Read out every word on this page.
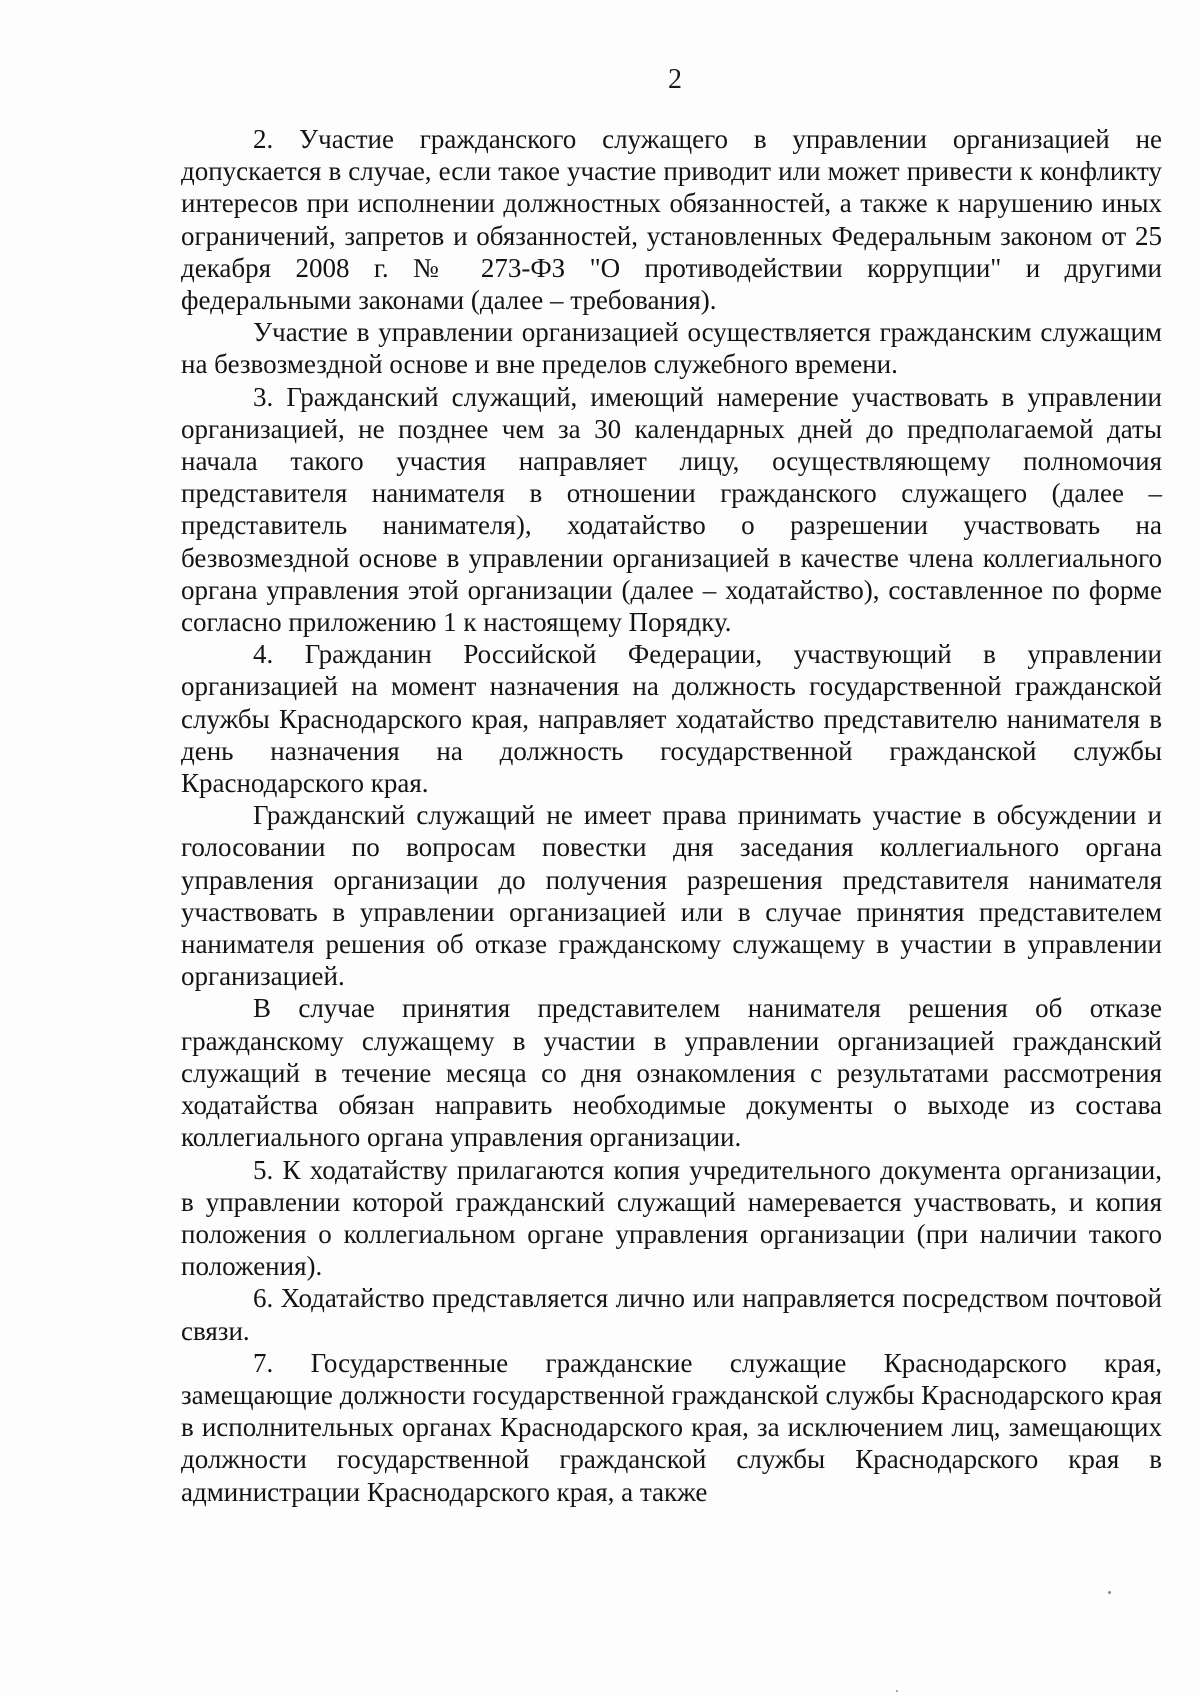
2

2. Участие гражданского служащего в управлении организацией не допускается в случае, если такое участие приводит или может привести к конфликту интересов при исполнении должностных обязанностей, а также к нарушению иных ограничений, запретов и обязанностей, установленных Федеральным законом от 25 декабря 2008 г. № 273-ФЗ "О противодействии коррупции" и другими федеральными законами (далее – требования).

Участие в управлении организацией осуществляется гражданским служащим на безвозмездной основе и вне пределов служебного времени.

3. Гражданский служащий, имеющий намерение участвовать в управлении организацией, не позднее чем за 30 календарных дней до предполагаемой даты начала такого участия направляет лицу, осуществляющему полномочия представителя нанимателя в отношении гражданского служащего (далее – представитель нанимателя), ходатайство о разрешении участвовать на безвозмездной основе в управлении организацией в качестве члена коллегиального органа управления этой организации (далее – ходатайство), составленное по форме согласно приложению 1 к настоящему Порядку.

4. Гражданин Российской Федерации, участвующий в управлении организацией на момент назначения на должность государственной гражданской службы Краснодарского края, направляет ходатайство представителю нанимателя в день назначения на должность государственной гражданской службы Краснодарского края.

Гражданский служащий не имеет права принимать участие в обсуждении и голосовании по вопросам повестки дня заседания коллегиального органа управления организации до получения разрешения представителя нанимателя участвовать в управлении организацией или в случае принятия представителем нанимателя решения об отказе гражданскому служащему в участии в управлении организацией.

В случае принятия представителем нанимателя решения об отказе гражданскому служащему в участии в управлении организацией гражданский служащий в течение месяца со дня ознакомления с результатами рассмотрения ходатайства обязан направить необходимые документы о выходе из состава коллегиального органа управления организации.

5. К ходатайству прилагаются копия учредительного документа организации, в управлении которой гражданский служащий намеревается участвовать, и копия положения о коллегиальном органе управления организации (при наличии такого положения).

6. Ходатайство представляется лично или направляется посредством почтовой связи.

7. Государственные гражданские служащие Краснодарского края, замещающие должности государственной гражданской службы Краснодарского края в исполнительных органах Краснодарского края, за исключением лиц, замещающих должности государственной гражданской службы Краснодарского края в администрации Краснодарского края, а также
